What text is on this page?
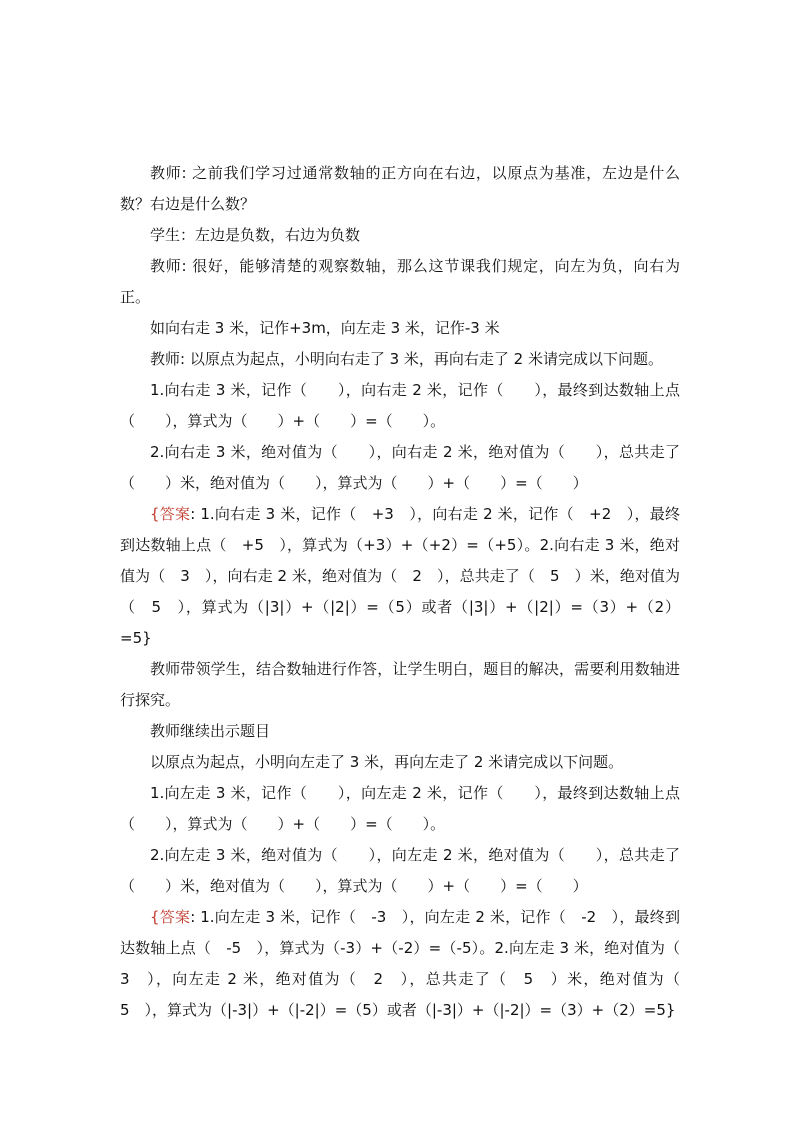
教师: 之前我们学习过通常数轴的正方向在右边，以原点为基准，左边是什么数？右边是什么数？

学生：左边是负数，右边为负数

教师: 很好，能够清楚的观察数轴，那么这节课我们规定，向左为负，向右为正。

如向右走 3 米，记作+3m，向左走 3 米，记作-3 米

教师: 以原点为起点，小明向右走了 3 米，再向右走了 2 米请完成以下问题。

1.向右走 3 米，记作（　　），向右走 2 米，记作（　　），最终到达数轴上点（　　），算式为（　　）+（　　）=（　　）。

2.向右走 3 米，绝对值为（　　），向右走 2 米，绝对值为（　　），总共走了（　　）米，绝对值为（　　），算式为（　　）+（　　）=（　　）

{答案: 1.向右走 3 米，记作（　+3　），向右走 2 米，记作（　+2　），最终到达数轴上点（　+5　），算式为（+3）+（+2）=（+5）。2.向右走 3 米，绝对值为（　3　），向右走 2 米，绝对值为（　2　），总共走了（　5　）米，绝对值为（　5　），算式为（|3|）+（|2|）=（5）或者（|3|）+（|2|）=（3）+（2）=5}

教师带领学生，结合数轴进行作答，让学生明白，题目的解决，需要利用数轴进行探究。

教师继续出示题目

以原点为起点，小明向左走了 3 米，再向左走了 2 米请完成以下问题。

1.向左走 3 米，记作（　　），向左走 2 米，记作（　　），最终到达数轴上点（　　），算式为（　　）+（　　）=（　　）。

2.向左走 3 米，绝对值为（　　），向左走 2 米，绝对值为（　　），总共走了（　　）米，绝对值为（　　），算式为（　　）+（　　）=（　　）

{答案: 1.向左走 3 米，记作（　-3　），向左走 2 米，记作（　-2　），最终到达数轴上点（　-5　），算式为（-3）+（-2）=（-5）。2.向左走 3 米，绝对值为（　3　），向左走 2 米，绝对值为（　2　），总共走了（　5　）米，绝对值为（　5　），算式为（|-3|）+（|-2|）=（5）或者（|-3|）+（|-2|）=（3）+（2）=5}
